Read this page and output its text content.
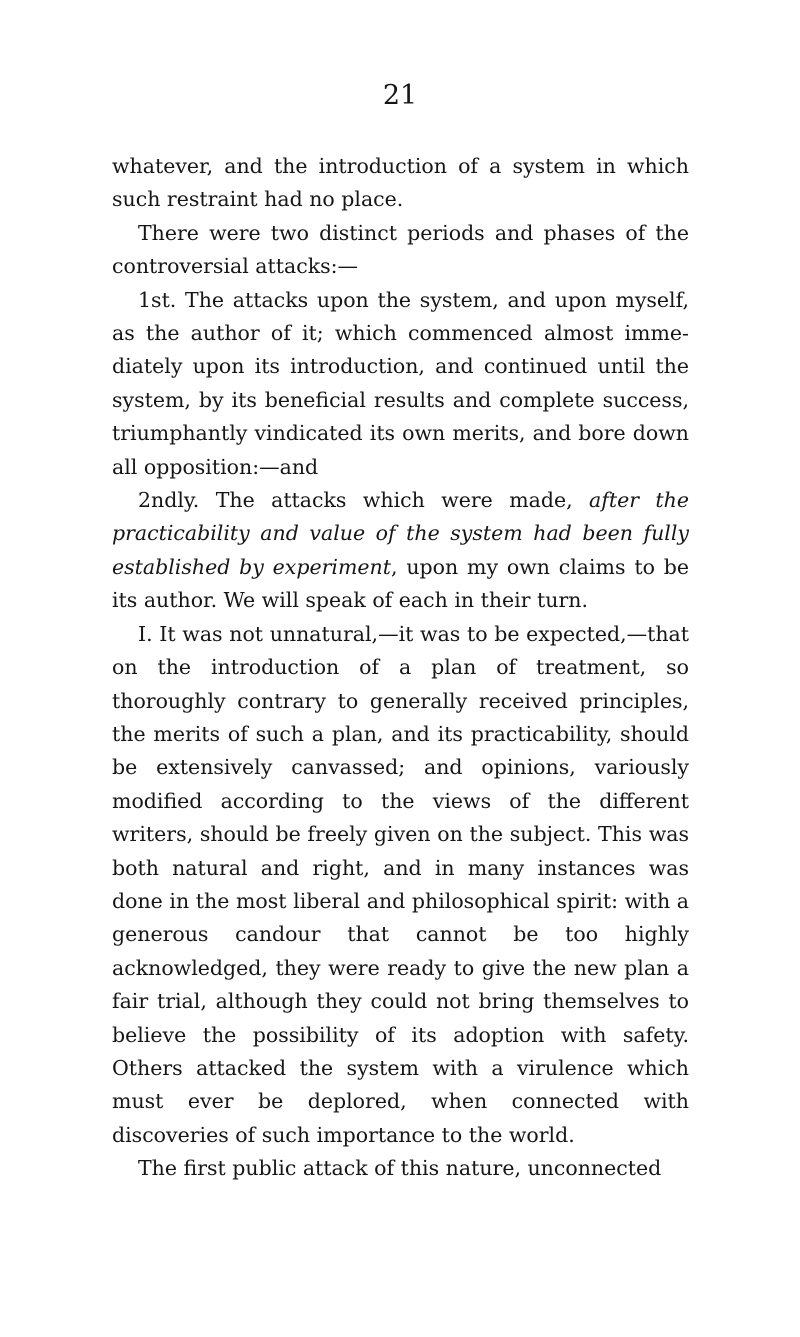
21

whatever, and the introduction of a system in which such restraint had no place.

There were two distinct periods and phases of the controversial attacks:—

1st. The attacks upon the system, and upon myself, as the author of it; which commenced almost imme-diately upon its introduction, and continued until the system, by its beneficial results and complete success, triumphantly vindicated its own merits, and bore down all opposition:—and

2ndly. The attacks which were made, after the practicability and value of the system had been fully established by experiment, upon my own claims to be its author. We will speak of each in their turn.

I. It was not unnatural,—it was to be expected,—that on the introduction of a plan of treatment, so thoroughly contrary to generally received principles, the merits of such a plan, and its practicability, should be extensively canvassed; and opinions, variously modified according to the views of the different writers, should be freely given on the subject. This was both natural and right, and in many instances was done in the most liberal and philosophical spirit: with a generous candour that cannot be too highly acknowledged, they were ready to give the new plan a fair trial, although they could not bring themselves to believe the possibility of its adoption with safety. Others attacked the system with a virulence which must ever be deplored, when connected with discoveries of such importance to the world.

The first public attack of this nature, unconnected
